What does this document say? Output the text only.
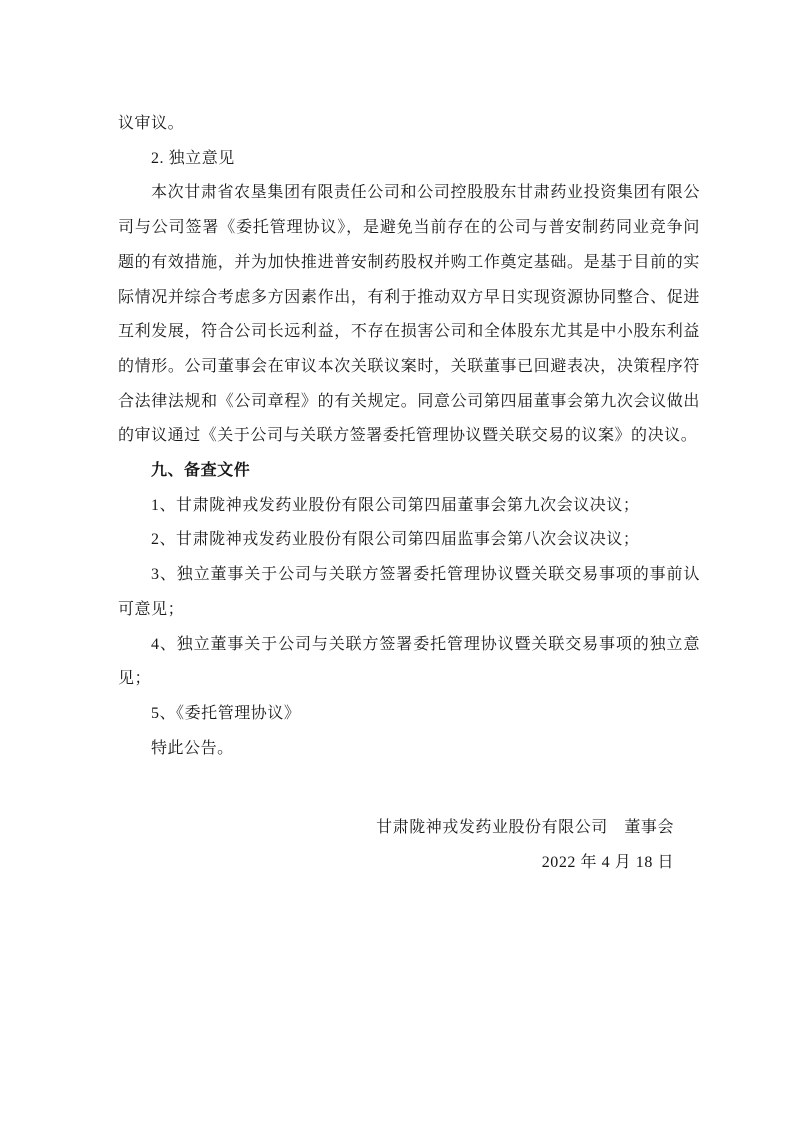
议审议。

2. 独立意见

本次甘肃省农垦集团有限责任公司和公司控股股东甘肃药业投资集团有限公司与公司签署《委托管理协议》，是避免当前存在的公司与普安制药同业竞争问题的有效措施，并为加快推进普安制药股权并购工作奠定基础。是基于目前的实际情况并综合考虑多方因素作出，有利于推动双方早日实现资源协同整合、促进互利发展，符合公司长远利益，不存在损害公司和全体股东尤其是中小股东利益的情形。公司董事会在审议本次关联议案时，关联董事已回避表决，决策程序符合法律法规和《公司章程》的有关规定。同意公司第四届董事会第九次会议做出的审议通过《关于公司与关联方签署委托管理协议暨关联交易的议案》的决议。

九、备查文件

1、甘肃陇神戎发药业股份有限公司第四届董事会第九次会议决议；

2、甘肃陇神戎发药业股份有限公司第四届监事会第八次会议决议；

3、独立董事关于公司与关联方签署委托管理协议暨关联交易事项的事前认可意见；

4、独立董事关于公司与关联方签署委托管理协议暨关联交易事项的独立意见；

5、《委托管理协议》

特此公告。

甘肃陇神戎发药业股份有限公司　董事会

2022 年 4 月 18 日
